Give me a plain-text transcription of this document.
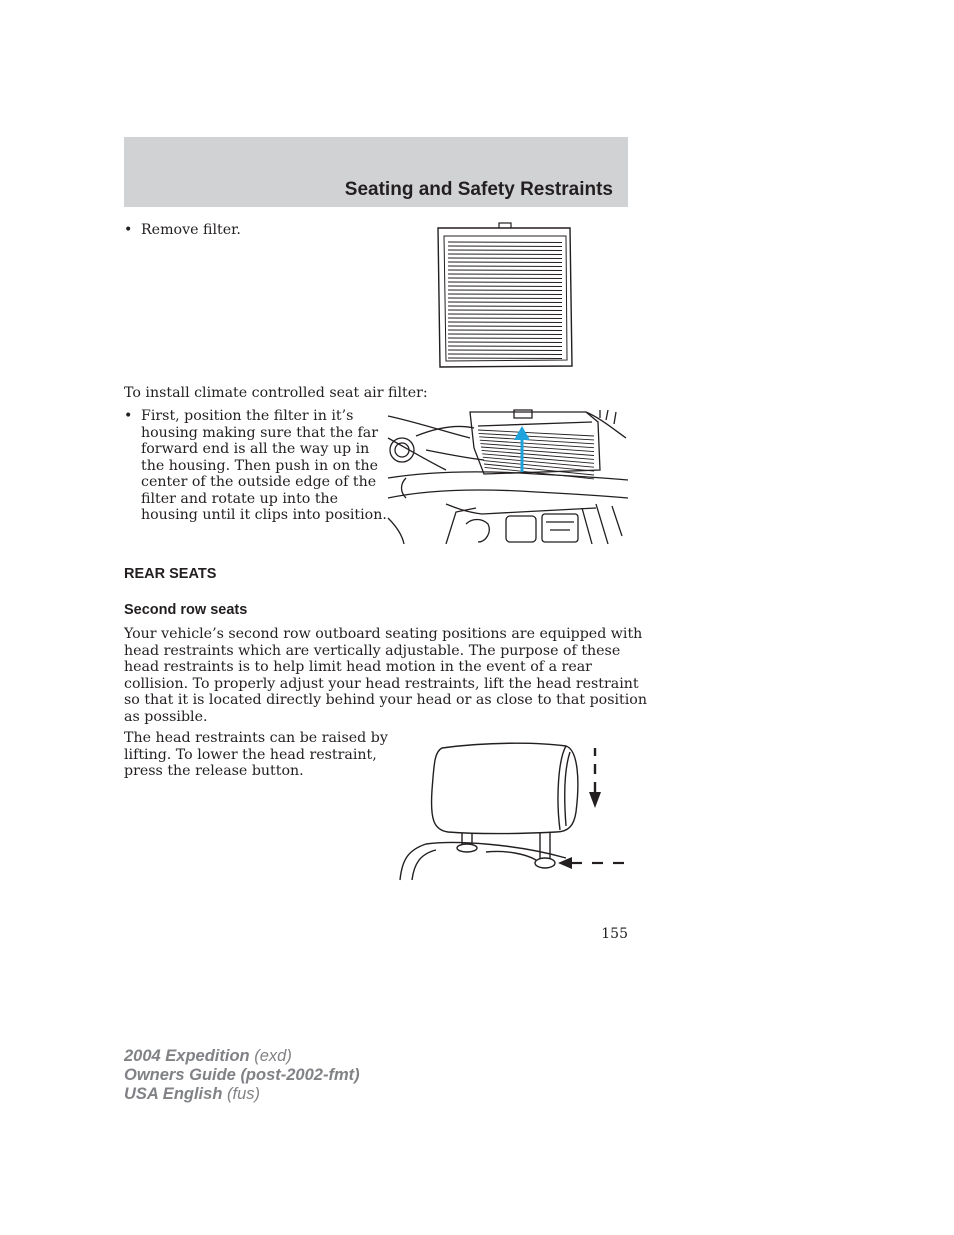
Seating and Safety Restraints
• Remove filter.
To install climate controlled seat air filter:
• First, position the filter in it’s
housing making sure that the far
forward end is all the way up in
the housing. Then push in on the
center of the outside edge of the
filter and rotate up into the
housing until it clips into position.
REAR SEATS
Second row seats
Your vehicle’s second row outboard seating positions are equipped with
head restraints which are vertically adjustable. The purpose of these
head restraints is to help limit head motion in the event of a rear
collision. To properly adjust your head restraints, lift the head restraint
so that it is located directly behind your head or as close to that position
as possible.
The head restraints can be raised by
lifting. To lower the head restraint,
press the release button.
155
2004 Expedition (exd)
Owners Guide (post-2002-fmt)
USA English (fus)
